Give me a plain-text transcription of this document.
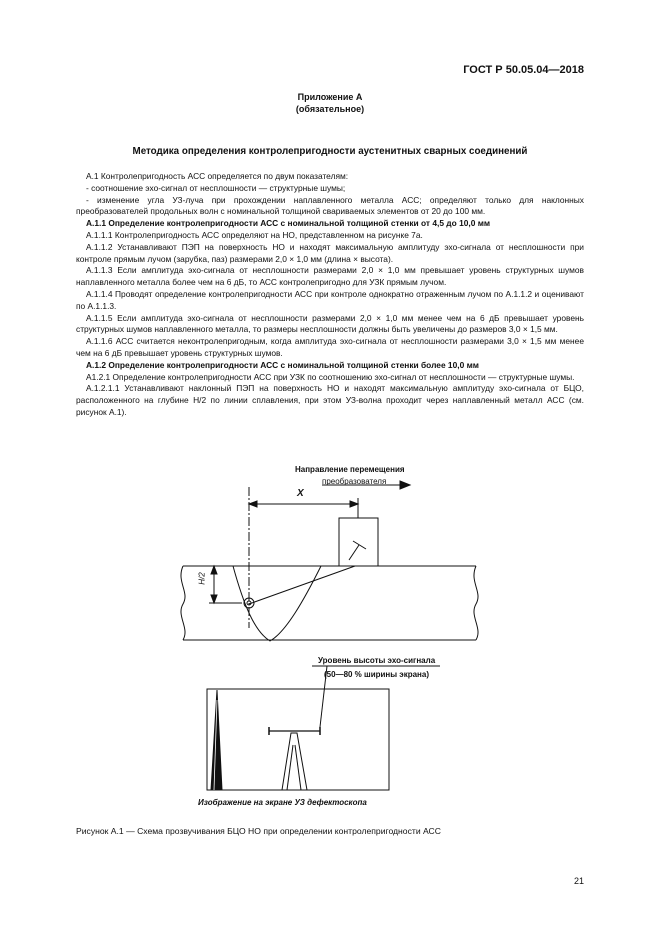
ГОСТ Р 50.05.04—2018
Приложение А
(обязательное)
Методика определения контролепригодности аустенитных сварных соединений

А.1 Контролепригодность АСС определяется по двум показателям:

- соотношение эхо-сигнал от несплошности — структурные шумы;

- изменение угла УЗ-луча при прохождении наплавленного металла АСС; определяют только для наклонных преобразователей продольных волн с номинальной толщиной свариваемых элементов от 20 до 100 мм.

А.1.1 Определение контролепригодности АСС с номинальной толщиной стенки от 4,5 до 10,0 мм

А.1.1.1 Контролепригодность АСС определяют на НО, представленном на рисунке 7а.

А.1.1.2 Устанавливают ПЭП на поверхность НО и находят максимальную амплитуду эхо-сигнала от несплошности при контроле прямым лучом (зарубка, паз) размерами 2,0 × 1,0 мм (длина × высота).

А.1.1.3 Если амплитуда эхо-сигнала от несплошности размерами 2,0 × 1,0 мм превышает уровень структурных шумов наплавленного металла более чем на 6 дБ, то АСС контролепригодно для УЗК прямым лучом.

А.1.1.4 Проводят определение контролепригодности АСС при контроле однократно отраженным лучом по А.1.1.2 и оценивают по А.1.1.3.

А.1.1.5 Если амплитуда эхо-сигнала от несплошности размерами 2,0 × 1,0 мм менее чем на 6 дБ превышает уровень структурных шумов наплавленного металла, то размеры несплошности должны быть увеличены до размеров 3,0 × 1,5 мм.

А.1.1.6 АСС считается неконтролепригодным, когда амплитуда эхо-сигнала от несплошности размерами 3,0 × 1,5 мм менее чем на 6 дБ превышает уровень структурных шумов.

А.1.2 Определение контролепригодности АСС с номинальной толщиной стенки более 10,0 мм

А1.2.1 Определение контролепригодности АСС при УЗК по соотношению эхо-сигнал от несплошности — структурные шумы.

А.1.2.1.1 Устанавливают наклонный ПЭП на поверхность НО и находят максимальную амплитуду эхо-сигнала от БЦО, расположенного на глубине H/2 по линии сплавления, при этом УЗ-волна проходит через наплавленный металл АСС (см. рисунок А.1).

Направление перемещения
преобразователя
X
H/2
Уровень высоты эхо-сигнала
(50—80 % ширины экрана)
Изображение на экране УЗ дефектоскопа
Рисунок А.1 — Схема прозвучивания БЦО НО при определении контролепригодности АСС
21
